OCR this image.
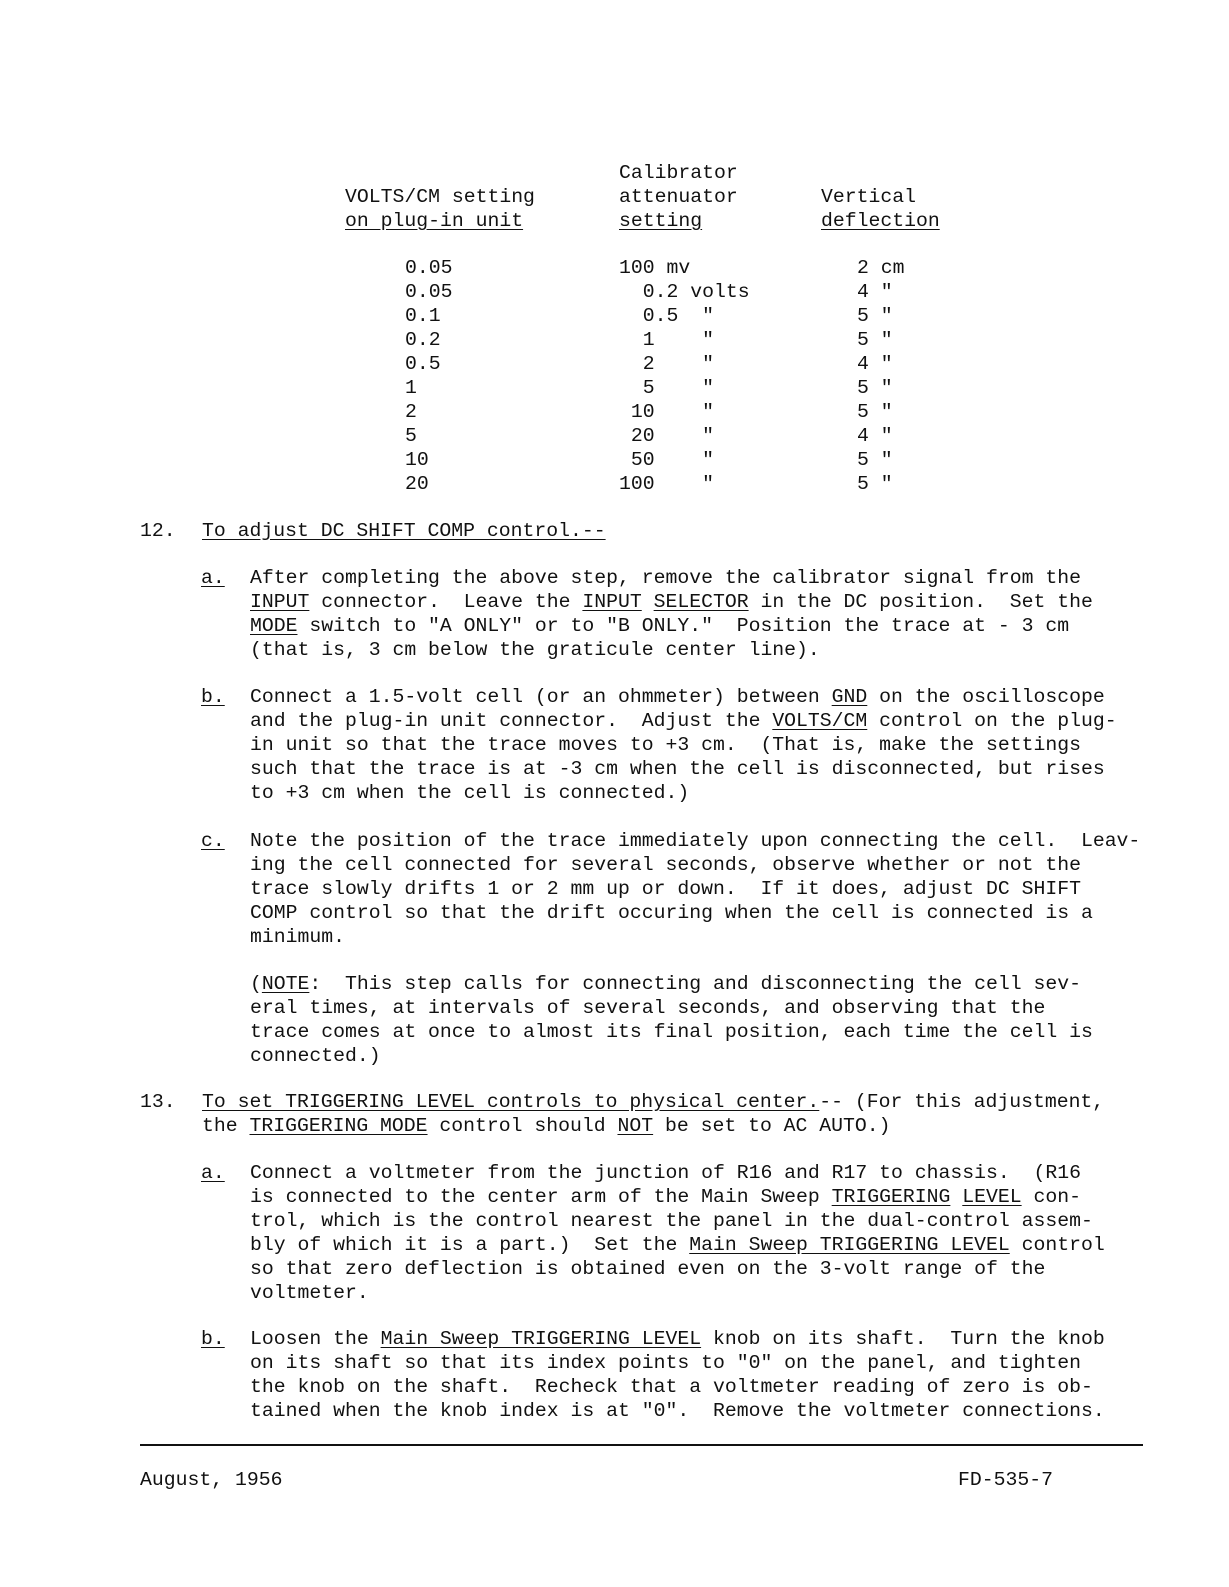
VOLTS/CM setting
on plug-in unit
Calibrator
attenuator
setting
Vertical
deflection
0.05
0.05
0.1
0.2
0.5
1
2
5
10
20
100 mv
0.2 volts
0.5  "
1    "
2    "
5    "
10    "
20    "
50    "
100    "
2 cm
4 "
5 "
5 "
4 "
5 "
5 "
4 "
5 "
5 "
12. To adjust DC SHIFT COMP control.--
a. After completing the above step, remove the calibrator signal from the
INPUT connector.  Leave the INPUT SELECTOR in the DC position.  Set the
MODE switch to "A ONLY" or to "B ONLY."  Position the trace at - 3 cm
(that is, 3 cm below the graticule center line).
b. Connect a 1.5-volt cell (or an ohmmeter) between GND on the oscilloscope
and the plug-in unit connector.  Adjust the VOLTS/CM control on the plug-
in unit so that the trace moves to +3 cm.  (That is, make the settings
such that the trace is at -3 cm when the cell is disconnected, but rises
to +3 cm when the cell is connected.)
c. Note the position of the trace immediately upon connecting the cell.  Leav-
ing the cell connected for several seconds, observe whether or not the
trace slowly drifts 1 or 2 mm up or down.  If it does, adjust DC SHIFT
COMP control so that the drift occuring when the cell is connected is a
minimum.
(NOTE:  This step calls for connecting and disconnecting the cell sev-
eral times, at intervals of several seconds, and observing that the
trace comes at once to almost its final position, each time the cell is
connected.)
13. To set TRIGGERING LEVEL controls to physical center.-- (For this adjustment,
the TRIGGERING MODE control should NOT be set to AC AUTO.)
a. Connect a voltmeter from the junction of R16 and R17 to chassis.  (R16
is connected to the center arm of the Main Sweep TRIGGERING LEVEL con-
trol, which is the control nearest the panel in the dual-control assem-
bly of which it is a part.)  Set the Main Sweep TRIGGERING LEVEL control
so that zero deflection is obtained even on the 3-volt range of the
voltmeter.
b. Loosen the Main Sweep TRIGGERING LEVEL knob on its shaft.  Turn the knob
on its shaft so that its index points to "0" on the panel, and tighten
the knob on the shaft.  Recheck that a voltmeter reading of zero is ob-
tained when the knob index is at "0".  Remove the voltmeter connections.
August, 1956	FD-535-7
